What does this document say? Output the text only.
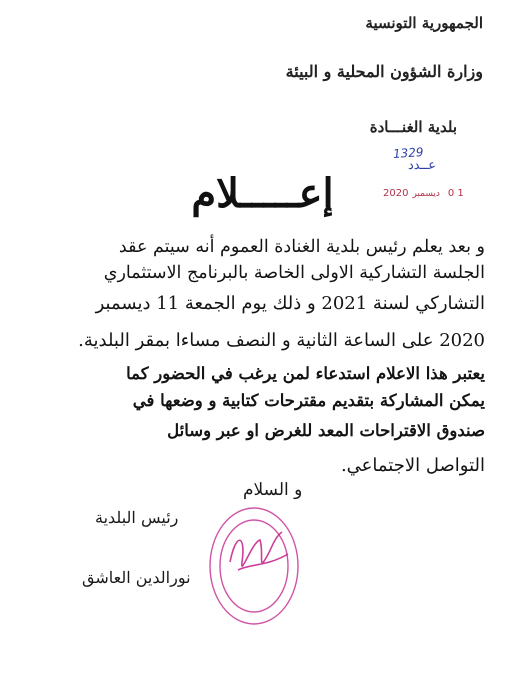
الجمهورية التونسية
وزارة الشؤون المحلية و البيئة
بلدية الغنـــادة
1329
عــدد
2020 ديسمبر 0 1
إعـــــلام
و بعد يعلم رئيس بلدية الغنادة العموم أنه سيتم عقد
الجلسة التشاركية الاولى الخاصة بالبرنامج الاستثماري
التشاركي لسنة 2021 و ذلك يوم الجمعة 11 ديسمبر
2020 على الساعة الثانية و النصف مساءا بمقر البلدية.
يعتبر هذا الاعلام استدعاء لمن يرغب في الحضور كما
يمكن المشاركة بتقديم مقترحات كتابية و وضعها في
صندوق الاقتراحات المعد للغرض او عبر وسائل
التواصل الاجتماعي.
و السلام
رئيس البلدية
نورالدين العاشق
